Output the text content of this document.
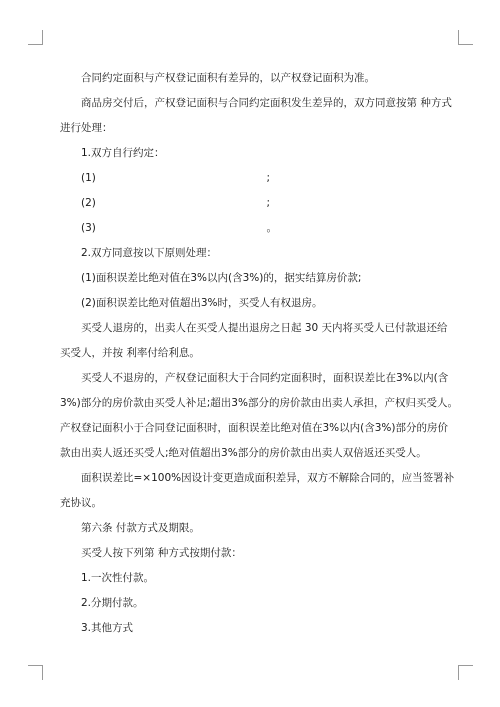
合同约定面积与产权登记面积有差异的，以产权登记面积为准。
商品房交付后，产权登记面积与合同约定面积发生差异的，双方同意按第 种方式
进行处理：
1.双方自行约定：
(1)	;
(2)	;
(3)	。
2.双方同意按以下原则处理：
(1)面积误差比绝对值在3%以内(含3%)的，据实结算房价款;
(2)面积误差比绝对值超出3%时，买受人有权退房。
买受人退房的，出卖人在买受人提出退房之日起 30 天内将买受人已付款退还给
买受人，并按 利率付给利息。
买受人不退房的，产权登记面积大于合同约定面积时，面积误差比在3%以内(含
3%)部分的房价款由买受人补足;超出3%部分的房价款由出卖人承担，产权归买受人。
产权登记面积小于合同登记面积时，面积误差比绝对值在3%以内(含3%)部分的房价
款由出卖人返还买受人;绝对值超出3%部分的房价款由出卖人双倍返还买受人。
面积误差比=×100%因设计变更造成面积差异，双方不解除合同的，应当签署补
充协议。
第六条 付款方式及期限。
买受人按下列第 种方式按期付款：
1.一次性付款。
2.分期付款。
3.其他方式
